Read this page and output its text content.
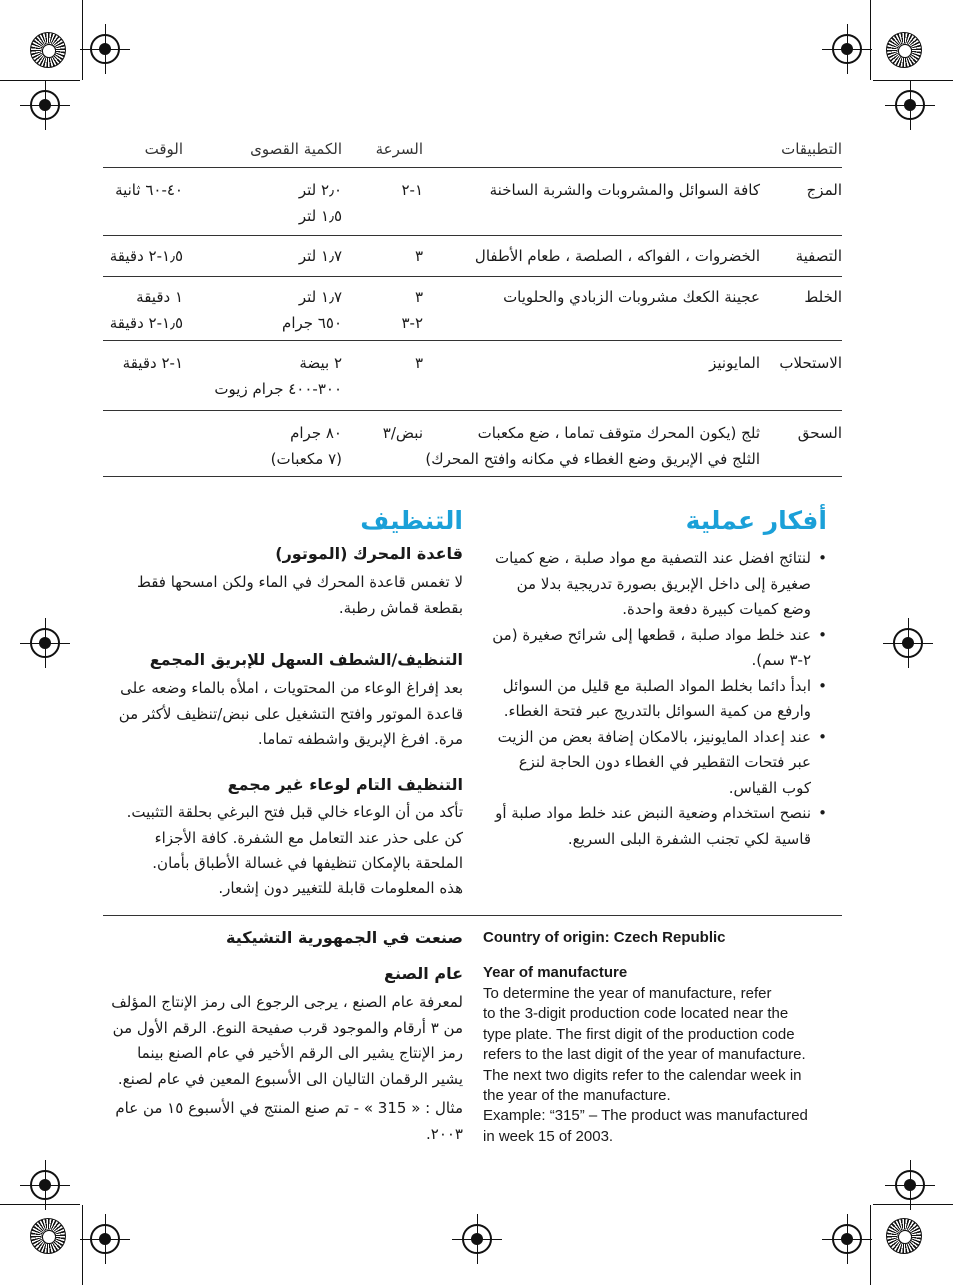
التطبيقات
السرعة
الكمية القصوى
الوقت
المزج
كافة السوائل والمشروبات والشربة الساخنة
١-٢
٢٫٠ لتر
١٫٥ لتر
٤٠-٦٠ ثانية
التصفية
الخضروات ، الفواكه ، الصلصة ، طعام الأطفال
٣
١٫٧ لتر
١٫٥-٢ دقيقة
الخلط
عجينة الكعك مشروبات الزبادي والحلويات
٣
٢-٣
١٫٧ لتر
٦٥٠ جرام
١ دقيقة
١٫٥-٢ دقيقة
الاستحلاب
المايونيز
٣
٢ بيضة
٣٠٠-٤٠٠ جرام زيوت
١-٢ دقيقة
السحق
ثلج (يكون المحرك متوقف تماما ، ضع مكعبات
الثلج في الإبريق وضع الغطاء في مكانه وافتح المحرك)
نبض/٣
٨٠ جرام
(٧ مكعبات)
أفكار عملية
• لنتائج افضل عند التصفية مع مواد صلبة ، ضع كميات صغيرة إلى داخل الإبريق بصورة تدريجية بدلا من وضع كميات كبيرة دفعة واحدة.
• عند خلط مواد صلبة ، قطعها إلى شرائح صغيرة (من ٢-٣ سم).
• ابدأ دائما بخلط المواد الصلبة مع قليل من السوائل وارفع من كمية السوائل بالتدريج عبر فتحة الغطاء.
• عند إعداد المايونيز، بالامكان إضافة بعض من الزيت عبر فتحات التقطير في الغطاء دون الحاجة لنزع كوب القياس.
• ننصح استخدام وضعية النبض عند خلط مواد صلبة أو قاسية لكي تجنب الشفرة البلى السريع.
التنظيف
قاعدة المحرك (الموتور)
لا تغمس قاعدة المحرك في الماء ولكن امسحها فقط بقطعة قماش رطبة.
التنظيف/الشطف السهل للإبريق المجمع
بعد إفراغ الوعاء من المحتويات ، املأه بالماء وضعه على قاعدة الموتور وافتح التشغيل على نبض/تنظيف لأكثر من مرة. افرغ الإبريق واشطفه تماما.
التنظيف التام لوعاء غير مجمع
تأكد من أن الوعاء خالي قبل فتح البرغي بحلقة التثبيت. كن على حذر عند التعامل مع الشفرة. كافة الأجزاء الملحقة بالإمكان تنظيفها في غسالة الأطباق بأمان.
هذه المعلومات قابلة للتغيير دون إشعار.
صنعت في الجمهورية التشيكية
عام الصنع
لمعرفة عام الصنع ، يرجى الرجوع الى رمز الإنتاج المؤلف من ٣ أرقام والموجود قرب صفيحة النوع. الرقم الأول من رمز الإنتاج يشير الى الرقم الأخير في عام الصنع بينما يشير الرقمان التاليان الى الأسبوع المعين في عام لصنع.
مثال : « 315 » - تم صنع المنتج في الأسبوع ١٥ من عام ٢٠٠٣.
Country of origin: Czech Republic
Year of manufacture
To determine the year of manufacture, refer
to the 3-digit production code located near the
type plate. The first digit of the production code
refers to the last digit of the year of manufacture.
The next two digits refer to the calendar week in
the year of the manufacture.
Example: “315” – The product was manufactured
in week 15 of 2003.
